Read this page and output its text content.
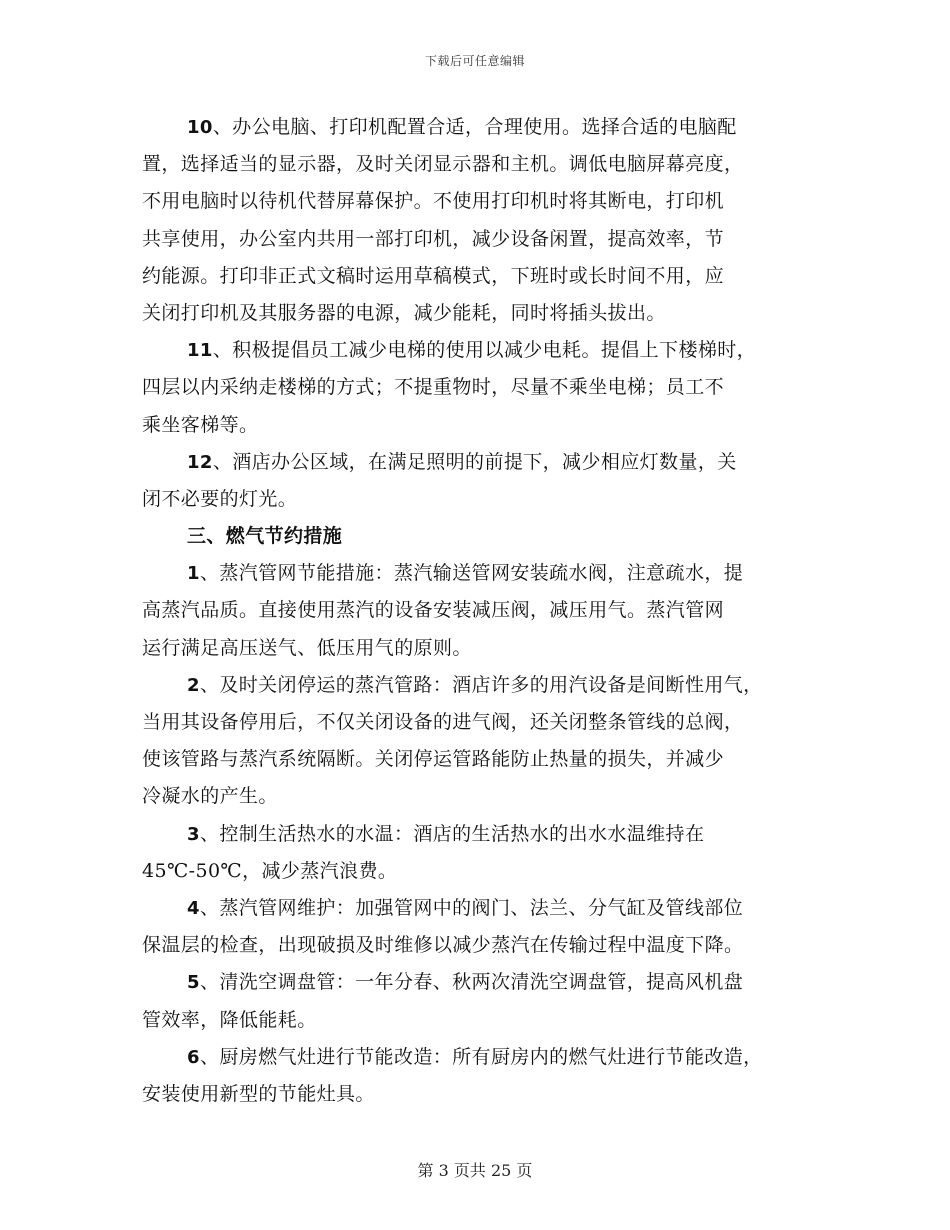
下载后可任意编辑
10、办公电脑、打印机配置合适，合理使用。选择合适的电脑配
置，选择适当的显示器，及时关闭显示器和主机。调低电脑屏幕亮度，
不用电脑时以待机代替屏幕保护。不使用打印机时将其断电，打印机
共享使用，办公室内共用一部打印机，减少设备闲置，提高效率，节
约能源。打印非正式文稿时运用草稿模式，下班时或长时间不用，应
关闭打印机及其服务器的电源，减少能耗，同时将插头拔出。
11、积极提倡员工减少电梯的使用以减少电耗。提倡上下楼梯时，
四层以内采纳走楼梯的方式；不提重物时，尽量不乘坐电梯；员工不
乘坐客梯等。
12、酒店办公区域，在满足照明的前提下，减少相应灯数量，关
闭不必要的灯光。
三、燃气节约措施
1、蒸汽管网节能措施：蒸汽输送管网安装疏水阀，注意疏水，提
高蒸汽品质。直接使用蒸汽的设备安装减压阀，减压用气。蒸汽管网
运行满足高压送气、低压用气的原则。
2、及时关闭停运的蒸汽管路：酒店许多的用汽设备是间断性用气，
当用其设备停用后，不仅关闭设备的进气阀，还关闭整条管线的总阀，
使该管路与蒸汽系统隔断。关闭停运管路能防止热量的损失，并减少
冷凝水的产生。
3、控制生活热水的水温：酒店的生活热水的出水水温维持在
45℃-50℃，减少蒸汽浪费。
4、蒸汽管网维护：加强管网中的阀门、法兰、分气缸及管线部位
保温层的检查，出现破损及时维修以减少蒸汽在传输过程中温度下降。
5、清洗空调盘管：一年分春、秋两次清洗空调盘管，提高风机盘
管效率，降低能耗。
6、厨房燃气灶进行节能改造：所有厨房内的燃气灶进行节能改造，
安装使用新型的节能灶具。
第 3 页共 25 页
